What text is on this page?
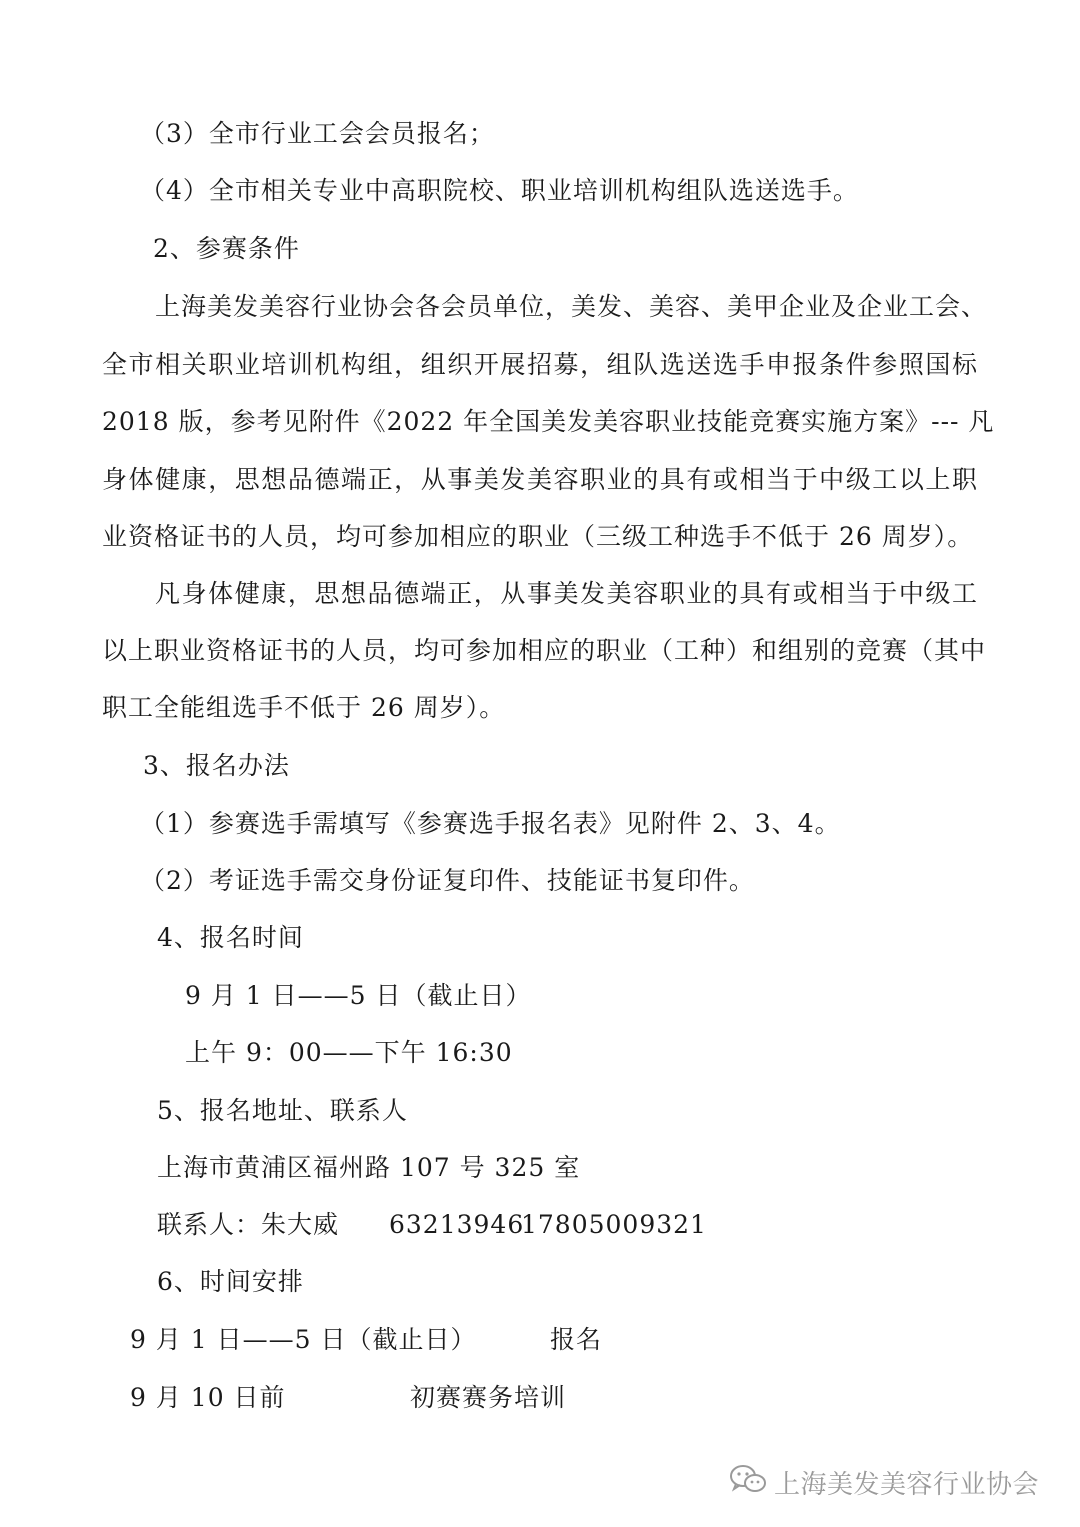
（3）全市行业工会会员报名；
（4）全市相关专业中高职院校、职业培训机构组队选送选手。
2、参赛条件
上海美发美容行业协会各会员单位，美发、美容、美甲企业及企业工会、
全市相关职业培训机构组，组织开展招募，组队选送选手申报条件参照国标
2018 版，参考见附件《2022 年全国美发美容职业技能竞赛实施方案》--- 凡
身体健康，思想品德端正，从事美发美容职业的具有或相当于中级工以上职
业资格证书的人员，均可参加相应的职业（三级工种选手不低于 26 周岁）。
凡身体健康，思想品德端正，从事美发美容职业的具有或相当于中级工
以上职业资格证书的人员，均可参加相应的职业（工种）和组别的竞赛（其中
职工全能组选手不低于 26 周岁）。
3、报名办法
（1）参赛选手需填写《参赛选手报名表》见附件 2、3、4。
（2）考证选手需交身份证复印件、技能证书复印件。
4、报名时间
9 月 1 日——5 日（截止日）
上午 9：00——下午 16:30
5、报名地址、联系人
上海市黄浦区福州路 107 号 325 室
联系人：朱大威 63213946
17805009321
6、时间安排
9 月 1 日——5 日（截止日）	报名
9 月 10 日前	初赛赛务培训
上海美发美容行业协会
